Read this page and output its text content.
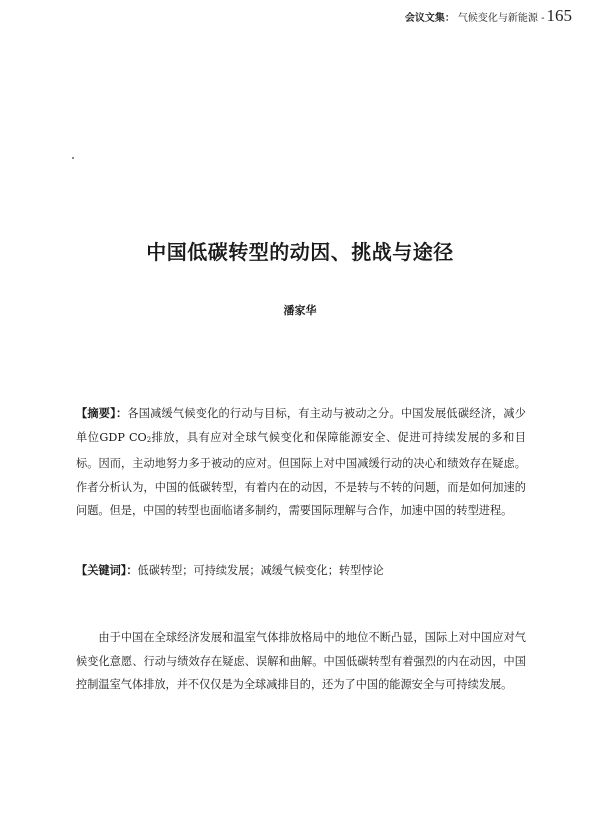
会议文集： 气候变化与新能源 - 165
中国低碳转型的动因、挑战与途径
潘家华

【摘要】：各国减缓气候变化的行动与目标，有主动与被动之分。中国发展低碳经济，减少单位GDP $CO_2$排放，具有应对全球气候变化和保障能源安全、促进可持续发展的多和目标。因而，主动地努力多于被动的应对。但国际上对中国减缓行动的决心和绩效存在疑虑。作者分析认为，中国的低碳转型，有着内在的动因，不是转与不转的问题，而是如何加速的问题。但是，中国的转型也面临诸多制约，需要国际理解与合作，加速中国的转型进程。

【关键词】：低碳转型；可持续发展；减缓气候变化；转型悖论

由于中国在全球经济发展和温室气体排放格局中的地位不断凸显，国际上对中国应对气候变化意愿、行动与绩效存在疑虑、误解和曲解。中国低碳转型有着强烈的内在动因，中国控制温室气体排放，并不仅仅是为全球减排目的，还为了中国的能源安全与可持续发展。
